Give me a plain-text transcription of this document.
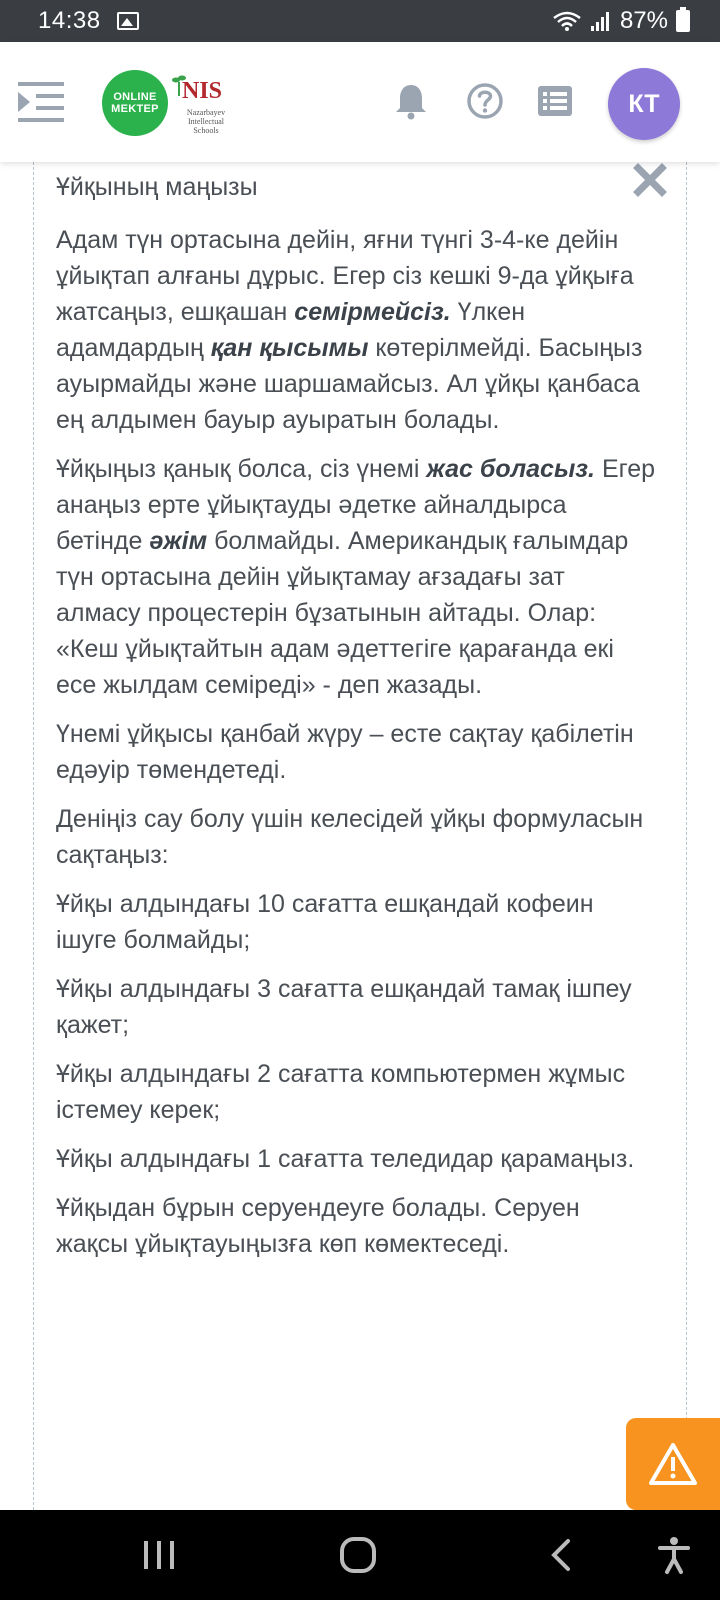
14:38	87%
ONLINE
MEKTEP
NIS
Nazarbayev Intellectual Schools
КТ
Ұйқының маңызы

Адам түн ортасына дейін, яғни түнгі 3-4-ке дейін ұйықтап алғаны дұрыс. Егер сіз кешкі 9-да ұйқыға жатсаңыз, ешқашан семірмейсіз. Үлкен адамдардың қан қысымы көтерілмейді. Басыңыз ауырмайды және шаршамайсыз. Ал ұйқы қанбаса ең алдымен бауыр ауыратын болады.

Ұйқыңыз қанық болса, сіз үнемі жас боласыз. Егер анаңыз ерте ұйықтауды әдетке айналдырса бетінде әжім болмайды. Американдық ғалымдар түн ортасына дейін ұйықтамау ағзадағы зат алмасу процестерін бұзатынын айтады. Олар: «Кеш ұйықтайтын адам әдеттегіге қарағанда екі есе жылдам семіреді» - деп жазады.

Үнемі ұйқысы қанбай жүру – есте сақтау қабілетін едәуір төмендетеді.

Денiңiз сау болу үшiн келесiдей ұйқы формуласын сақтаңыз:

Ұйқы алдындағы 10 сағатта ешқандай кофеин iшуге болмайды;

Ұйқы алдындағы 3 сағатта ешқандай тамақ iшпеу қажет;

Ұйқы алдындағы 2 сағатта компьютермен жұмыс iстемеу керек;

Ұйқы алдындағы 1 сағатта теледидар қарамаңыз.

Ұйқыдан бұрын серуендеуге болады. Серуен жақсы ұйықтауыңызға көп көмектеседі.
